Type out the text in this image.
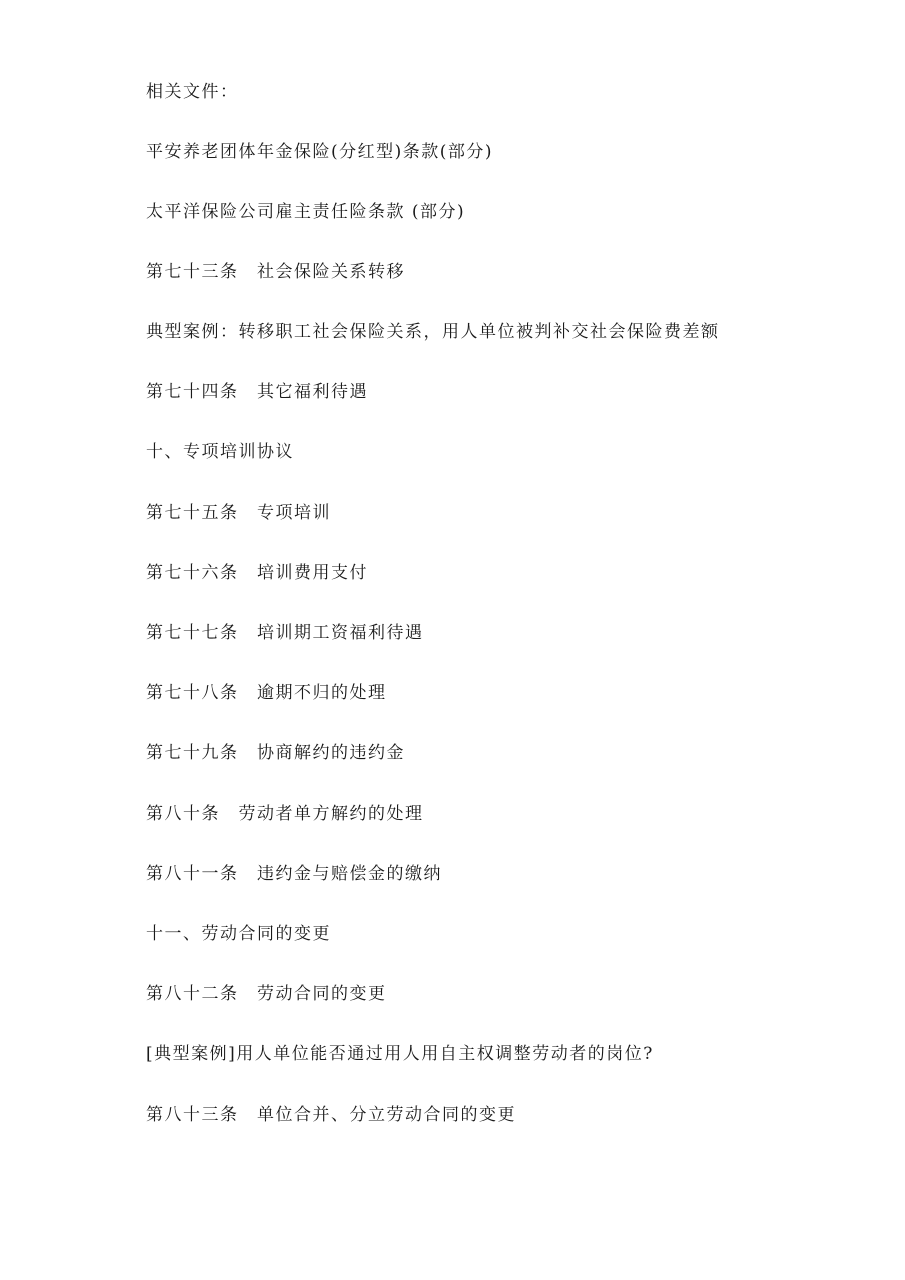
相关文件：
平安养老团体年金保险(分红型)条款(部分)
太平洋保险公司雇主责任险条款 (部分)
第七十三条　社会保险关系转移
典型案例：转移职工社会保险关系，用人单位被判补交社会保险费差额
第七十四条　其它福利待遇
十、专项培训协议
第七十五条　专项培训
第七十六条　培训费用支付
第七十七条　培训期工资福利待遇
第七十八条　逾期不归的处理
第七十九条　协商解约的违约金
第八十条　劳动者单方解约的处理
第八十一条　违约金与赔偿金的缴纳
十一、劳动合同的变更
第八十二条　劳动合同的变更
[典型案例]用人单位能否通过用人用自主权调整劳动者的岗位?
第八十三条　单位合并、分立劳动合同的变更
